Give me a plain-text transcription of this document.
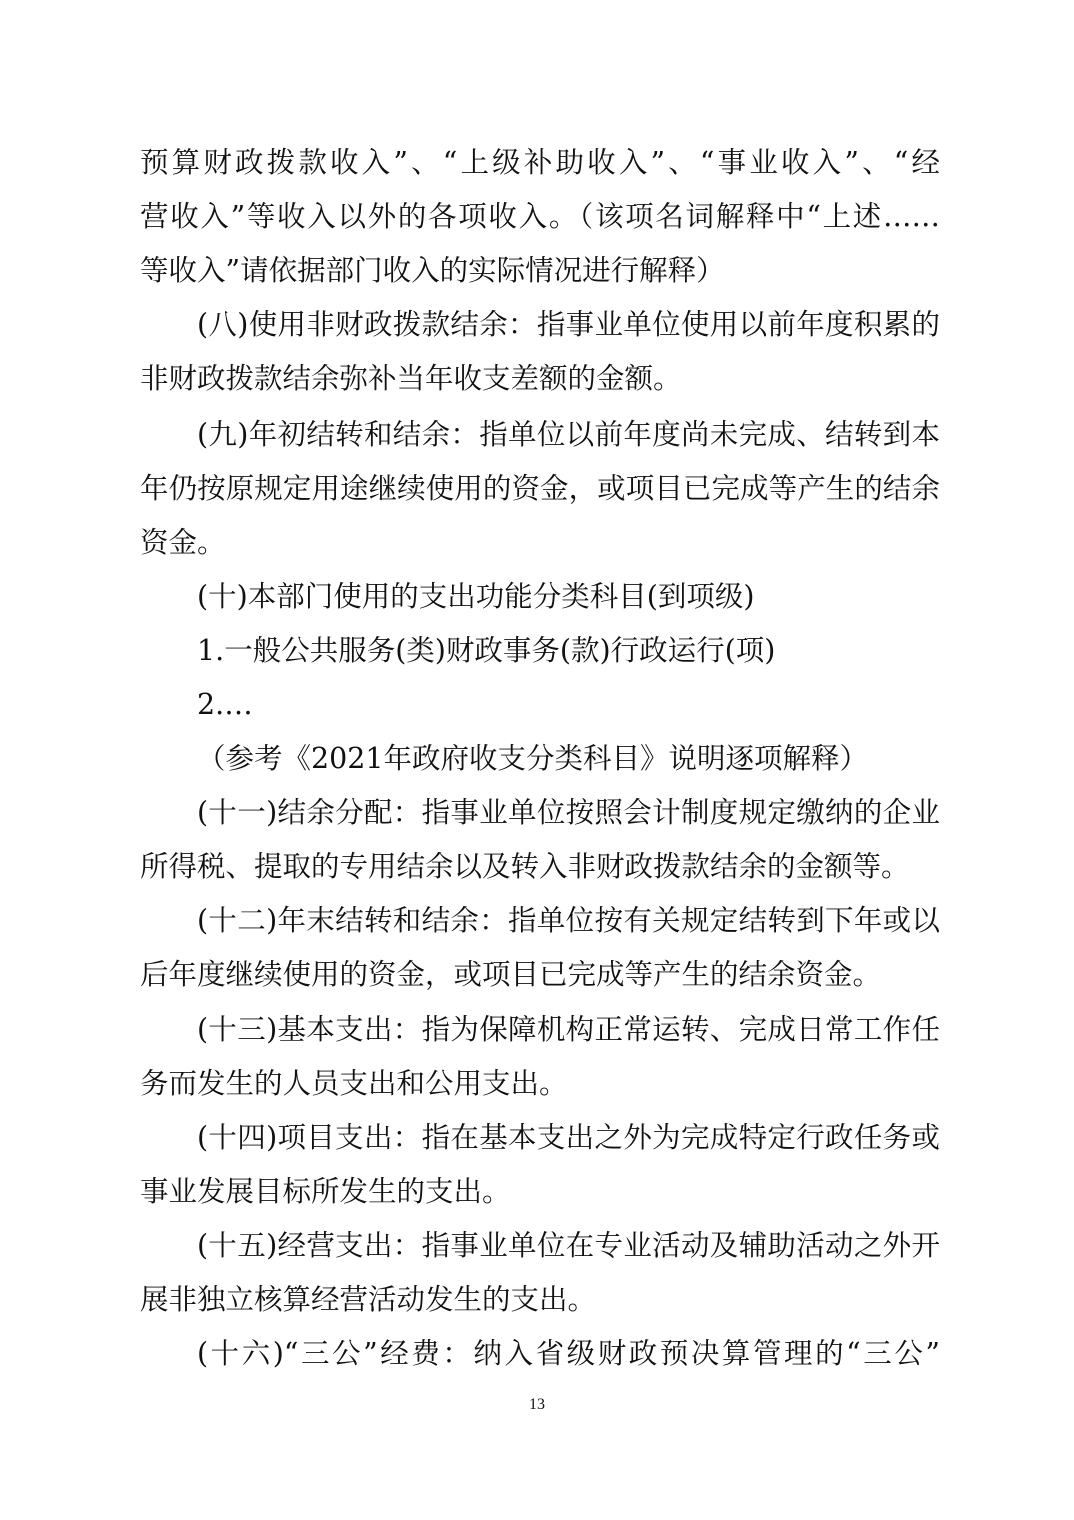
预算财政拨款收入”、“上级补助收入”、“事业收入”、“经
营收入”等收入以外的各项收入。（该项名词解释中“上述……
等收入”请依据部门收入的实际情况进行解释）
(八)使用非财政拨款结余：指事业单位使用以前年度积累的
非财政拨款结余弥补当年收支差额的金额。
(九)年初结转和结余：指单位以前年度尚未完成、结转到本
年仍按原规定用途继续使用的资金，或项目已完成等产生的结余
资金。
(十)本部门使用的支出功能分类科目(到项级)
1.一般公共服务(类)财政事务(款)行政运行(项)
2.…
（参考《2021年政府收支分类科目》说明逐项解释）
(十一)结余分配：指事业单位按照会计制度规定缴纳的企业
所得税、提取的专用结余以及转入非财政拨款结余的金额等。
(十二)年末结转和结余：指单位按有关规定结转到下年或以
后年度继续使用的资金，或项目已完成等产生的结余资金。
(十三)基本支出：指为保障机构正常运转、完成日常工作任
务而发生的人员支出和公用支出。
(十四)项目支出：指在基本支出之外为完成特定行政任务或
事业发展目标所发生的支出。
(十五)经营支出：指事业单位在专业活动及辅助活动之外开
展非独立核算经营活动发生的支出。
(十六)“三公”经费：纳入省级财政预决算管理的“三公”
13
